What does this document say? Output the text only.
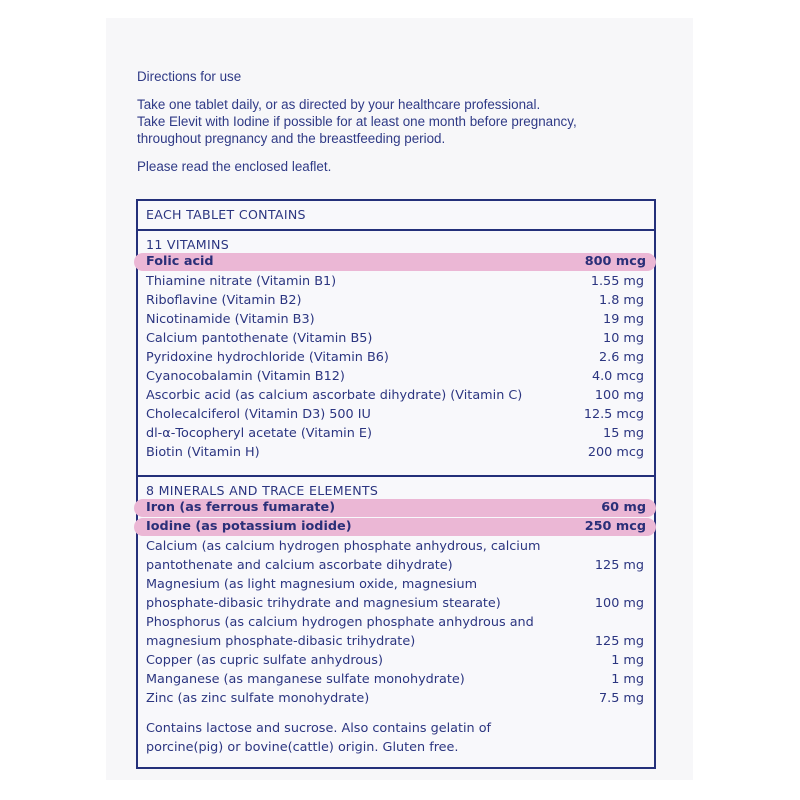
Directions for use

Take one tablet daily, or as directed by your healthcare professional.
Take Elevit with Iodine if possible for at least one month before pregnancy,
throughout pregnancy and the breastfeeding period.

Please read the enclosed leaflet.

EACH TABLET CONTAINS
11 VITAMINS
Folic acid	800 mcg
Thiamine nitrate (Vitamin B1)	1.55 mg
Riboflavine (Vitamin B2)	1.8 mg
Nicotinamide (Vitamin B3)	19 mg
Calcium pantothenate (Vitamin B5)	10 mg
Pyridoxine hydrochloride (Vitamin B6)	2.6 mg
Cyanocobalamin (Vitamin B12)	4.0 mcg
Ascorbic acid (as calcium ascorbate dihydrate) (Vitamin C)	100 mg
Cholecalciferol (Vitamin D3) 500 IU	12.5 mcg
dl-α-Tocopheryl acetate (Vitamin E)	15 mg
Biotin (Vitamin H)	200 mcg
8 MINERALS AND TRACE ELEMENTS
Iron (as ferrous fumarate)	60 mg
Iodine (as potassium iodide)	250 mcg
Calcium (as calcium hydrogen phosphate anhydrous, calcium
pantothenate and calcium ascorbate dihydrate)	125 mg
Magnesium (as light magnesium oxide, magnesium
phosphate-dibasic trihydrate and magnesium stearate)	100 mg
Phosphorus (as calcium hydrogen phosphate anhydrous and
magnesium phosphate-dibasic trihydrate)	125 mg
Copper (as cupric sulfate anhydrous)	1 mg
Manganese (as manganese sulfate monohydrate)	1 mg
Zinc (as zinc sulfate monohydrate)	7.5 mg
Contains lactose and sucrose. Also contains gelatin of
porcine(pig) or bovine(cattle) origin. Gluten free.
